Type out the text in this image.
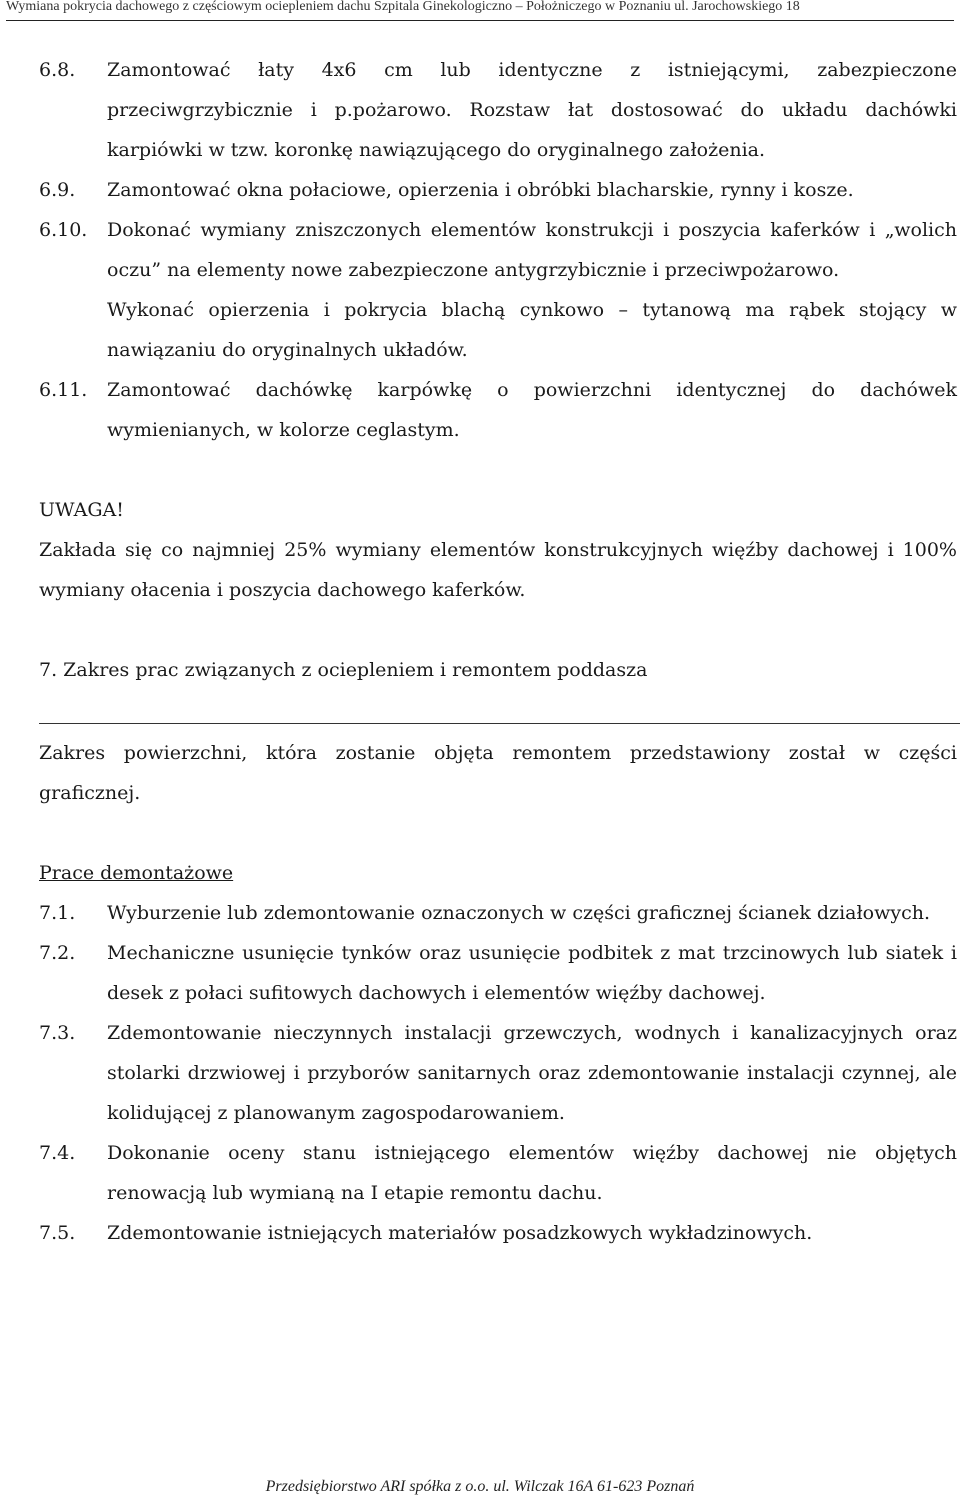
Wymiana pokrycia dachowego z częściowym ociepleniem dachu Szpitala Ginekologiczno – Położniczego w Poznaniu ul. Jarochowskiego 18
6.8. Zamontować łaty 4x6 cm lub identyczne z istniejącymi, zabezpieczone
przeciwgrzybicznie i p.pożarowo. Rozstaw łat dostosować do układu dachówki
karpiówki w tzw. koronkę nawiązującego do oryginalnego założenia.
6.9. Zamontować okna połaciowe, opierzenia i obróbki blacharskie, rynny i kosze.
6.10. Dokonać wymiany zniszczonych elementów konstrukcji i poszycia kaferków i „wolich
oczu” na elementy nowe zabezpieczone antygrzybicznie i przeciwpożarowo.
Wykonać opierzenia i pokrycia blachą cynkowo – tytanową ma rąbek stojący w
nawiązaniu do oryginalnych układów.
6.11. Zamontować dachówkę karpówkę o powierzchni identycznej do dachówek
wymienianych, w kolorze ceglastym.
UWAGA!
Zakłada się co najmniej 25% wymiany elementów konstrukcyjnych więźby dachowej i 100%
wymiany ołacenia i poszycia dachowego kaferków.
7. Zakres prac związanych z ociepleniem i remontem poddasza
Zakres powierzchni, która zostanie objęta remontem przedstawiony został w części
graficznej.
Prace demontażowe
7.1. Wyburzenie lub zdemontowanie oznaczonych w części graficznej ścianek działowych.
7.2. Mechaniczne usunięcie tynków oraz usunięcie podbitek z mat trzcinowych lub siatek i
desek z połaci sufitowych dachowych i elementów więźby dachowej.
7.3. Zdemontowanie nieczynnych instalacji grzewczych, wodnych i kanalizacyjnych oraz
stolarki drzwiowej i przyborów sanitarnych oraz zdemontowanie instalacji czynnej, ale
kolidującej z planowanym zagospodarowaniem.
7.4. Dokonanie oceny stanu istniejącego elementów więźby dachowej nie objętych
renowacją lub wymianą na I etapie remontu dachu.
7.5. Zdemontowanie istniejących materiałów posadzkowych wykładzinowych.
Przedsiębiorstwo ARI spółka z o.o. ul. Wilczak 16A 61-623 Poznań
